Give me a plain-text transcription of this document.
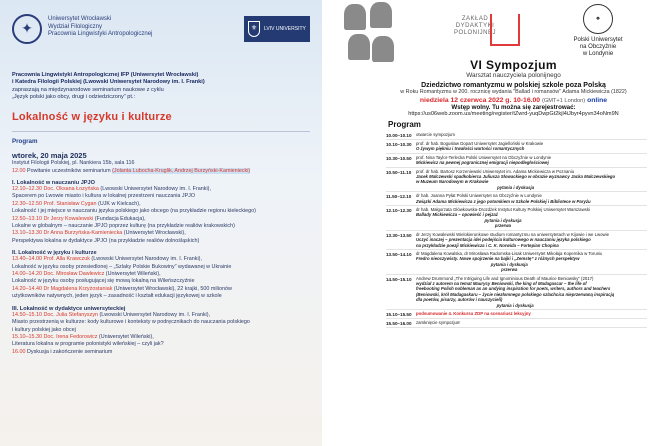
✦
Uniwersytet Wrocławski
Wydział Filologiczny
Pracownia Lingwistyki Antropologicznej
⚜	LVIV UNIVERSITY
Pracownia Lingwistyki Antropologicznej IFP (Uniwersytet Wrocławski)
i Katedra Filologii Polskiej (Lwowski Uniwersytet Narodowy im. I. Franki)
zapraszają na międzynarodowe seminarium naukowe z cyklu
„Język polski jako obcy, drugi i odziedziczony” pt.:
Lokalność w języku i kulturze
Program
wtorek, 20 maja 2025
Instytut Filologii Polskiej, pl. Nankiera 15b, sala 116
12.00 Powitanie uczestników seminarium (Jolanta Lubocha-Kruglik, Andrzej Burzyński-Kamieniecki)
I. Lokalność w nauczaniu JPJO
12.10–12.30 Doc. Oksana Łozyńska (Lwowski Uniwersytet Narodowy im. I. Franki),
Spacerem po Lwowie miasto i kultura w lokalnej przestrzeni nauczania JPJO
12.30–12.50 Prof. Stanisław Cygan (UJK w Kielcach),
Lokalność i jej miejsce w nauczaniu języka polskiego jako obcego (na przykładzie regionu kieleckiego)
12.50–13.10 Dr Jerzy Kowalewski (Fundacja Edukacja),
Lokalne w globalnym – nauczanie JPJO poprzez kulturę (na przykładzie realiów krakowskich)
13.10–13.30 Dr Anna Burzyńska-Kamieniecka (Uniwersytet Wrocławski),
Perspektywa lokalna w dydaktyce JPJO (na przykładzie realiów dolnośląskich)
II. Lokalność w języku i kulturze
13.40–14.00 Prof. Alla Krawczuk (Lwowski Uniwersytet Narodowy im. I. Franki),
Lokalność w języku osoby przesiedlonej – „Szlaky Polskie Bukowiny” wydawanej w Ukrainie
14.00–14.20 Doc. Mirosław Dawlewicz (Uniwersytet Wileński),
Lokalność w języku osoby posługującej się mową lokalną na Wileńszczyźnie
14.20–14.40 Dr Magdalena Krzyżostaniak (Uniwersytet Wrocławski), 22 krajki, 500 milionów
użytkowników natywnych, jeden język – zasadność i kształt edukacji językowej w szkole
III. Lokalność w dydaktyce uniwersyteckiej
14.50–15.10 Doc. Julia Stefanyszyn (Lwowski Uniwersytet Narodowy im. I. Franki),
Miasto przestrzenią w kulturze: kody kulturowe i konteksty w podręcznikach do nauczania polskiego
i kultury polskiej jako obcej
15.10–15.30 Doc. Irena Fedorowicz (Uniwersytet Wileński),
Literatura lokalna w programie polonistyki wileńskiej – czyli jak?
16.00 Dyskusja i zakończenie seminarium
ZAKŁAD
DYDAKTYKI
POLONIJNEJ
❖
Polski Uniwersytet
na Obczyźnie
w Londynie
VI Sympozjum
Warsztat nauczyciela polonijnego
Dziedzictwo romantyzmu w polskiej szkole poza Polską
w Roku Romantyzmu w 200. rocznicę wydania "Ballad i romansów" Adama Mickiewicza (1822)
niedziela 12 czerwca 2022 g. 10-16.00 (GMT+1 London) online
Wstęp wolny. Tu można się zarejestrować:
https://us06web.zoom.us/meeting/register/tZwrd-yuqDwpGt2kjl4iJbyr4pyvn34oNm9N
Program
10.00–10.10	otwarcie sympozjum
10.10–10.30	prof. dr hab. Bogusław Dopart Uniwersytet Jagielloński w Krakowie
O żywym piękniu i trwałości wartości romantycznych
10.30–10.50	prof. Nina Taylor-Terlecka Polski Uniwersytet na Obczyźnie w Londynie
Mickiewicz na pewnej pogranicznej emigracji niepodległościowej
10.50–11.10	prof. dr hab. Bartosz Korzeniewski Uniwersytet im. Adama Mickiewicza w Poznaniu
Jacek Malczewski spadkobierca Juliusza Słowackiego w obrazie wyznawcy Jacka Malczewskiego
w Muzeum Narodowym w Krakowie
pytania i dyskusja
11.50–12.10	dr hab. Joanna Pyłat Polski Uniwersytet na Obczyźnie w Londynie
Związki Adama Mickiewicza z jego potomkiem w Szkole Polskiej i Bibliotece w Paryżu
12.10–12.30	dr hab. Małgorzata Główkowska-Drozdżek Instytut Kultury Polskiej Uniwersytet Warszawski
Ballady Mickiewicza – opowieść i pejzaż
pytania i dyskusja
przerwa
13.30–13.50	dr Jerzy Kowalewski Wielokierunkowe studium romantyzmu na uniwersytetach w Kijowie i we Lwowie
Uczyć inaczej – prezentacja idei podejścia kulturowego w nauczaniu języka polskiego
na przykładzie poezji Mickiewicza i C. K. Norwida – Fortepian Chopina
13.50–14.10	dr Magdalena Kowalska, dr Mirosława Radomska-Lisak Uniwersytet Mikołaja Kopernika w Toruniu
Fredro nieoczywisty. Nowe spojrzenie na bajki i „Zemstę” z różnych perspektyw
pytania i dyskusja
przerwa
14.50–15.10	Andrew Drummond „The Intriguing Life and Ignominious Death of Maurice Beniowsky” (2017)
wydział z autorem na temat Maurycy Beniowski, the king of Madagascar – the life of
freebooting Polish nobleman as an undying inspiration for poets, writers, authors and teachers
(Beniowski, król Madagaskaru – życie niezłomnego polskiego szlachcica nieprzerwaną inspiracją
dla poetów, pisarzy, autorów i nauczycieli)
pytania i dyskusja
15.10–15.50	podsumowanie 4. Konkursu ZDP na scenariusz lekcyjny
15.50–16.00	zamknięcie sympozjum
